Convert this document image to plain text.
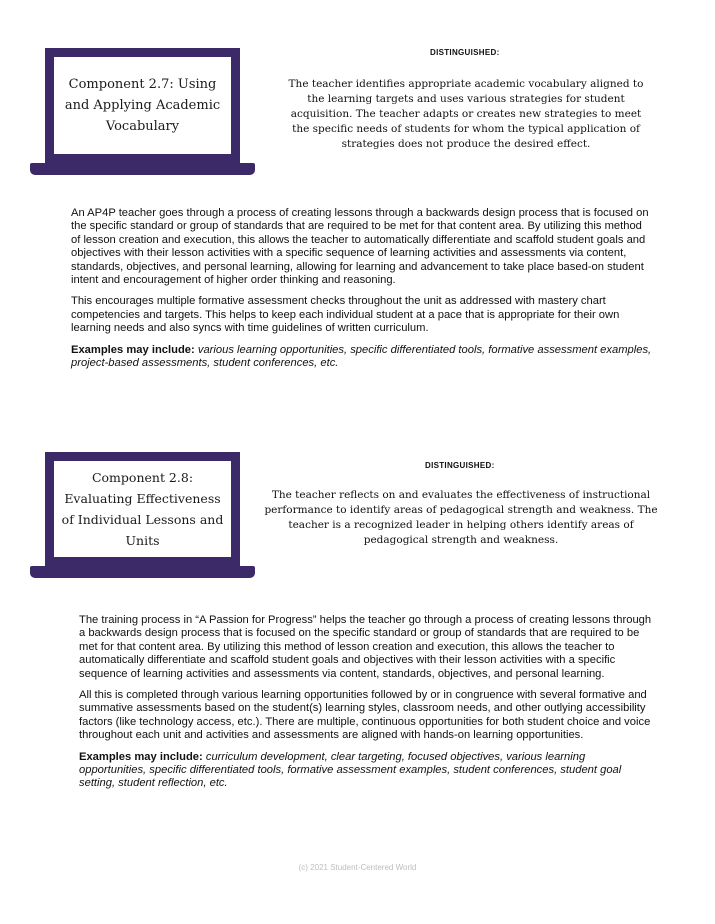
Component 2.7: Using and Applying Academic Vocabulary
DISTINGUISHED:
The teacher identifies appropriate academic vocabulary aligned to the learning targets and uses various strategies for student acquisition. The teacher adapts or creates new strategies to meet the specific needs of students for whom the typical application of strategies does not produce the desired effect.

An AP4P teacher goes through a process of creating lessons through a backwards design process that is focused on the specific standard or group of standards that are required to be met for that content area. By utilizing this method of lesson creation and execution, this allows the teacher to automatically differentiate and scaffold student goals and objectives with their lesson activities with a specific sequence of learning activities and assessments via content, standards, objectives, and personal learning, allowing for learning and advancement to take place based-on student intent and encouragement of higher order thinking and reasoning.

This encourages multiple formative assessment checks throughout the unit as addressed with mastery chart competencies and targets. This helps to keep each individual student at a pace that is appropriate for their own learning needs and also syncs with time guidelines of written curriculum.

Examples may include: various learning opportunities, specific differentiated tools, formative assessment examples, project-based assessments, student conferences, etc.

Component 2.8: Evaluating Effectiveness of Individual Lessons and Units
DISTINGUISHED:
The teacher reflects on and evaluates the effectiveness of instructional performance to identify areas of pedagogical strength and weakness. The teacher is a recognized leader in helping others identify areas of pedagogical strength and weakness.

The training process in “A Passion for Progress” helps the teacher go through a process of creating lessons through a backwards design process that is focused on the specific standard or group of standards that are required to be met for that content area. By utilizing this method of lesson creation and execution, this allows the teacher to automatically differentiate and scaffold student goals and objectives with their lesson activities with a specific sequence of learning activities and assessments via content, standards, objectives, and personal learning.

All this is completed through various learning opportunities followed by or in congruence with several formative and summative assessments based on the student(s) learning styles, classroom needs, and other outlying accessibility factors (like technology access, etc.). There are multiple, continuous opportunities for both student choice and voice throughout each unit and activities and assessments are aligned with hands-on learning opportunities.

Examples may include: curriculum development, clear targeting, focused objectives, various learning opportunities, specific differentiated tools, formative assessment examples, student conferences, student goal setting, student reflection, etc.

(c) 2021 Student-Centered World
